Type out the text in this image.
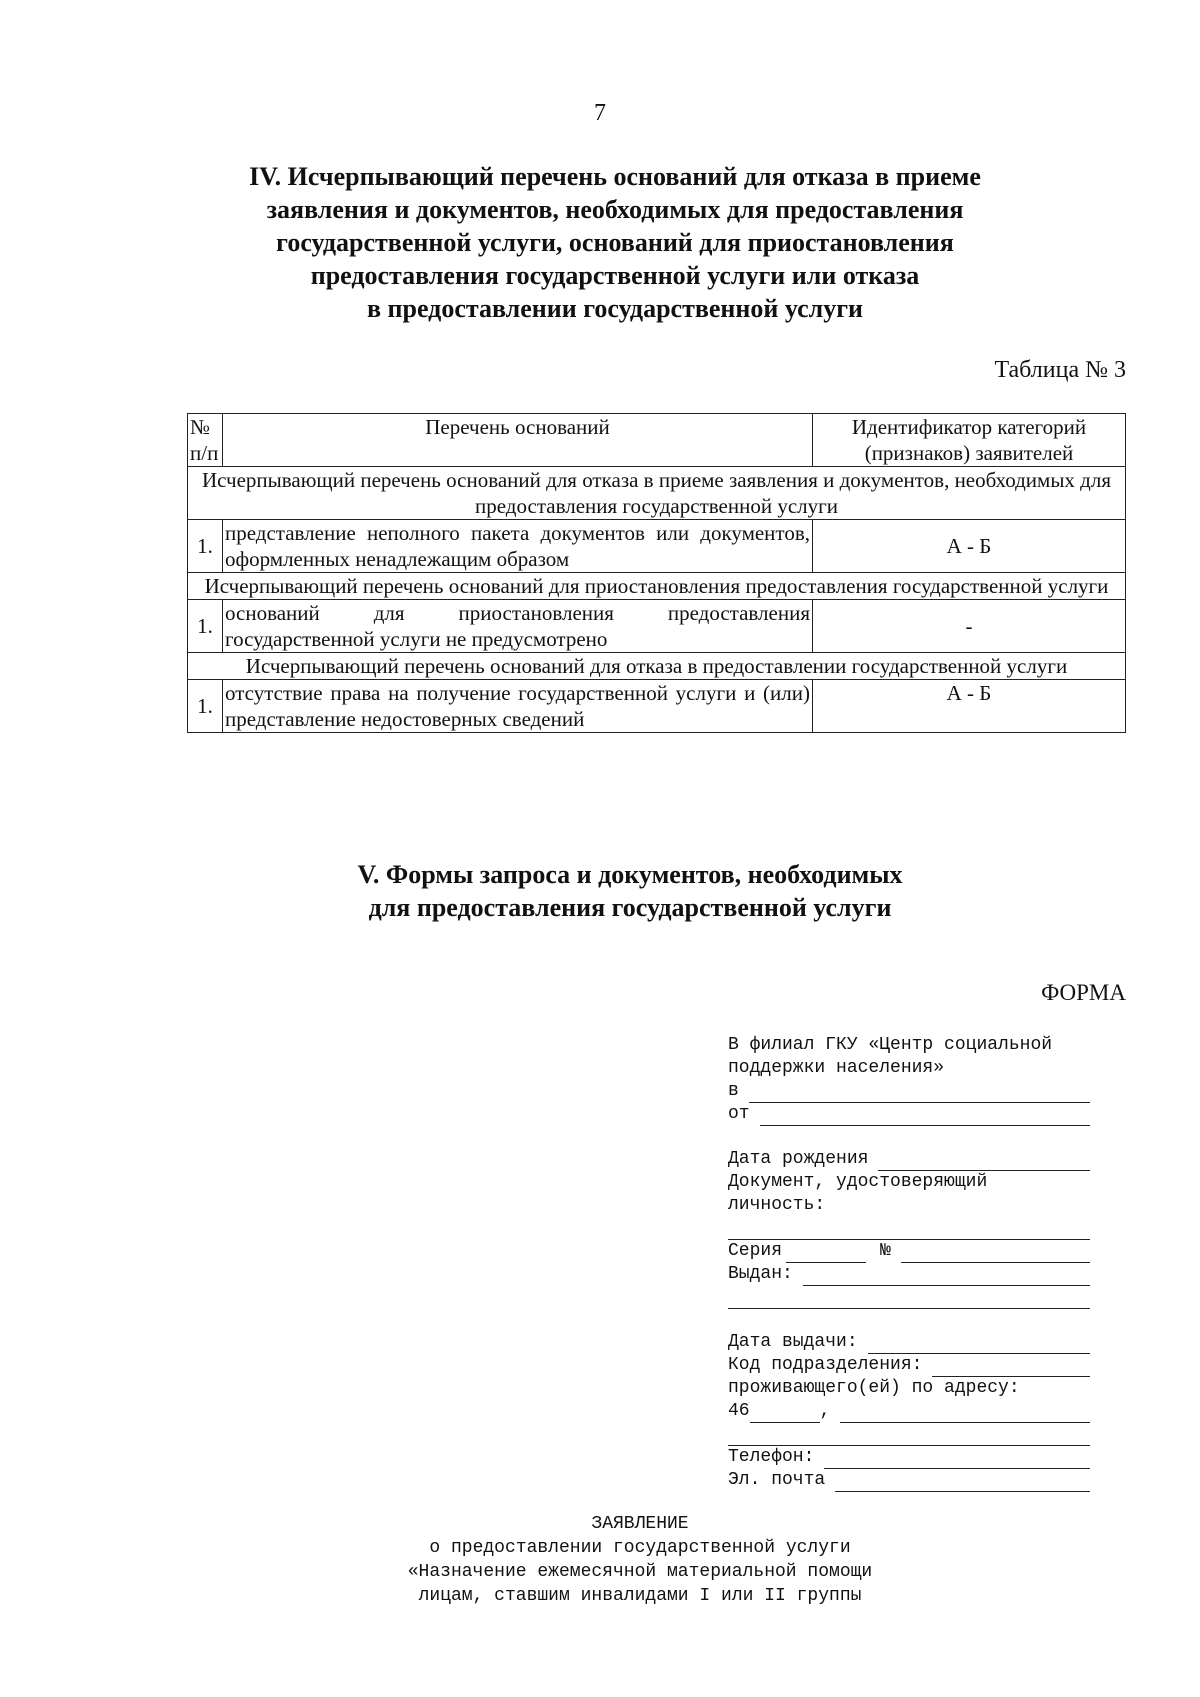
7
IV. Исчерпывающий перечень оснований для отказа в приеме
заявления и документов, необходимых для предоставления
государственной услуги, оснований для приостановления
предоставления государственной услуги или отказа
в предоставлении государственной услуги
Таблица № 3
№ п/п	Перечень оснований	Идентификатор категорий (признаков) заявителей
Исчерпывающий перечень оснований для отказа в приеме заявления и документов, необходимых для предоставления государственной услуги		
1.	представление неполного пакета документов или документов, оформленных ненадлежащим образом	А - Б
Исчерпывающий перечень оснований для приостановления предоставления государственной услуги		
1.	оснований для приостановления предоставления государственной услуги не предусмотрено	-
Исчерпывающий перечень оснований для отказа в предоставлении государственной услуги		
1.	отсутствие права на получение государственной услуги и (или) представление недостоверных сведений	А - Б
V. Формы запроса и документов, необходимых
для предоставления государственной услуги
ФОРМА
В филиал ГКУ «Центр социальной
поддержки населения»
в
от
Дата рождения
Документ, удостоверяющий
личность:
Серия	№
Выдан:
Дата выдачи:
Код подразделения:
проживающего(ей) по адресу:
46	,
Телефон:
Эл. почта
ЗАЯВЛЕНИЕ
о предоставлении государственной услуги
«Назначение ежемесячной материальной помощи
лицам, ставшим инвалидами I или II группы
